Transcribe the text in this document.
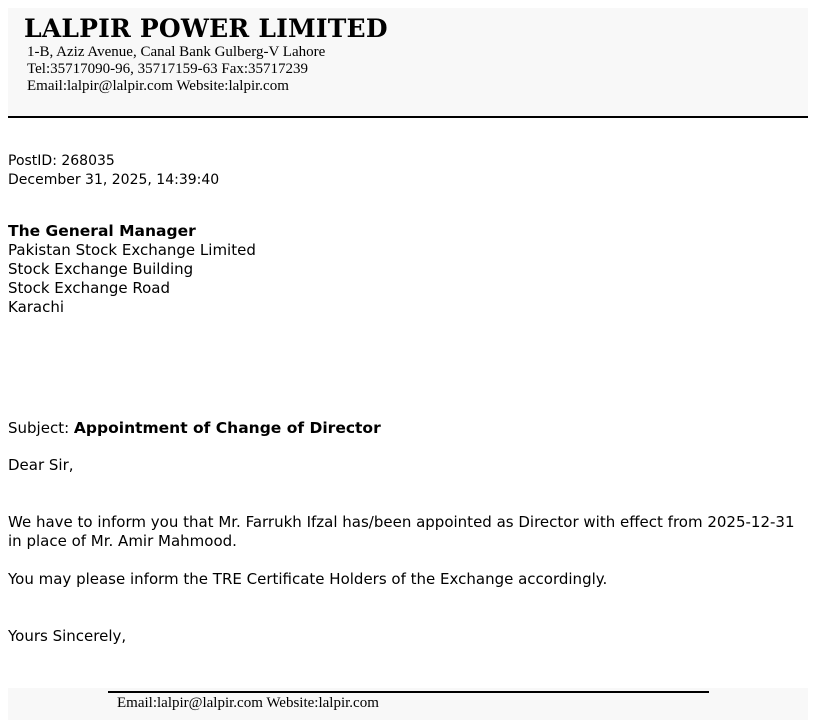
LALPIR POWER LIMITED
1-B, Aziz Avenue, Canal Bank Gulberg-V Lahore
Tel:35717090-96, 35717159-63 Fax:35717239
Email:lalpir@lalpir.com Website:lalpir.com
PostID: 268035
December 31, 2025, 14:39:40
The General Manager
Pakistan Stock Exchange Limited
Stock Exchange Building
Stock Exchange Road
Karachi
Subject: Appointment of Change of Director
Dear Sir,
We have to inform you that Mr. Farrukh Ifzal has/been appointed as Director with effect from 2025-12-31 in place of Mr. Amir Mahmood.
You may please inform the TRE Certificate Holders of the Exchange accordingly.
Yours Sincerely,
Email:lalpir@lalpir.com Website:lalpir.com
